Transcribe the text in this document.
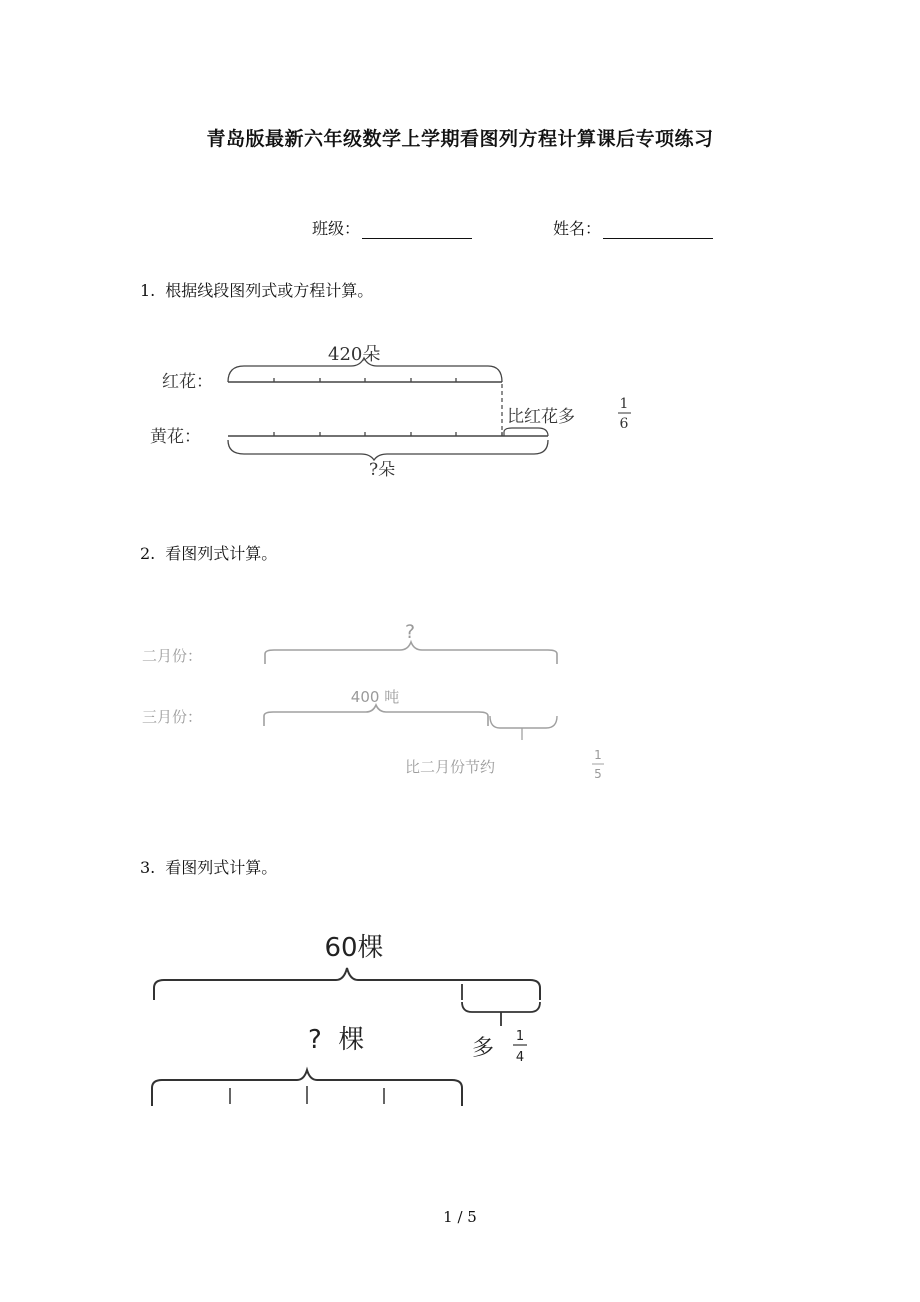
青岛版最新六年级数学上学期看图列方程计算课后专项练习
班级：	姓名：
1. 根据线段图列式或方程计算。
红花：
黄花：
420朵
?朵
比红花多
1
6
2. 看图列式计算。
?
二月份：
400 吨
三月份：
比二月份节约
1
5
3. 看图列式计算。
60棵
多 1
4
?  棵
1 / 5
